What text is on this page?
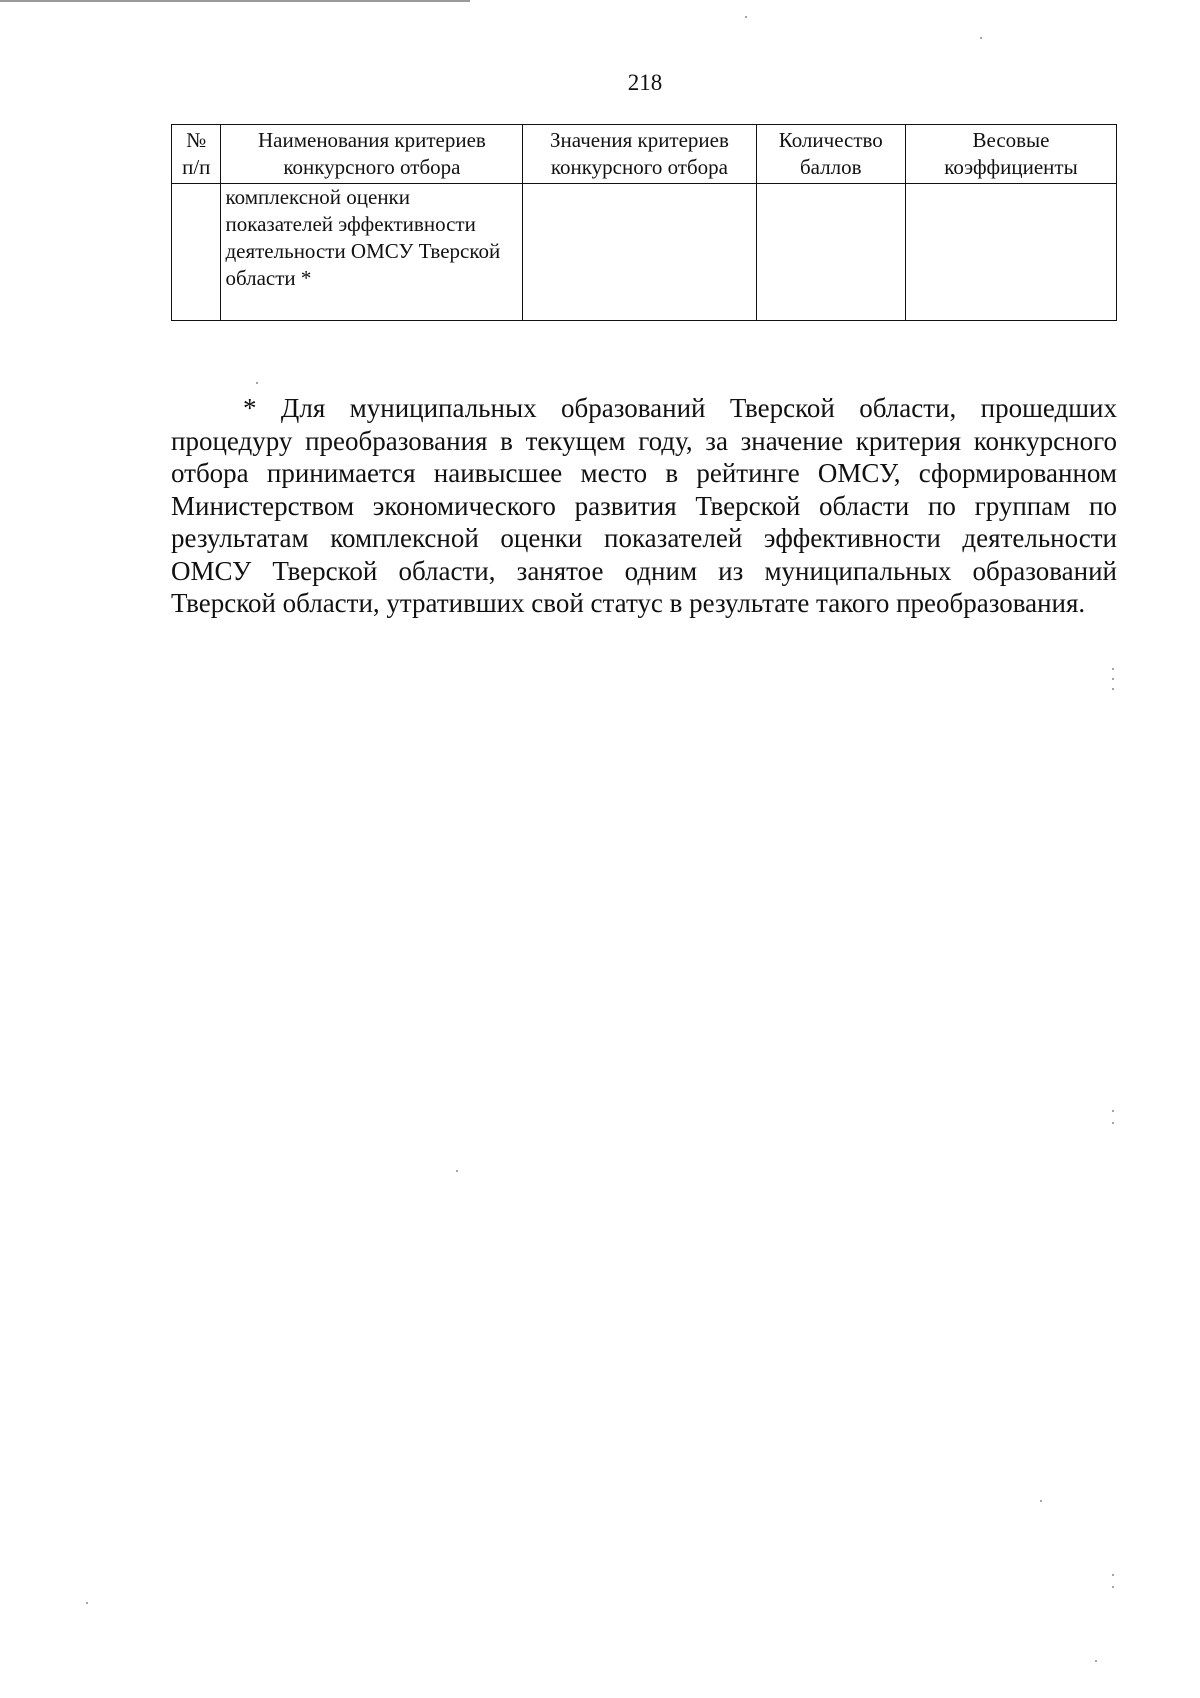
218
№ п/п	Наименования критериев конкурсного отбора	Значения критериев конкурсного отбора	Количество баллов	Весовые коэффициенты
	комплексной оценки показателей эффективности деятельности ОМСУ Тверской области *			

* Для муниципальных образований Тверской области, прошедших процедуру преобразования в текущем году, за значение критерия конкурсного отбора принимается наивысшее место в рейтинге ОМСУ, сформированном Министерством экономического развития Тверской области по группам по результатам комплексной оценки показателей эффективности деятельности ОМСУ Тверской области, занятое одним из муниципальных образований Тверской области, утративших свой статус в результате такого преобразования.
